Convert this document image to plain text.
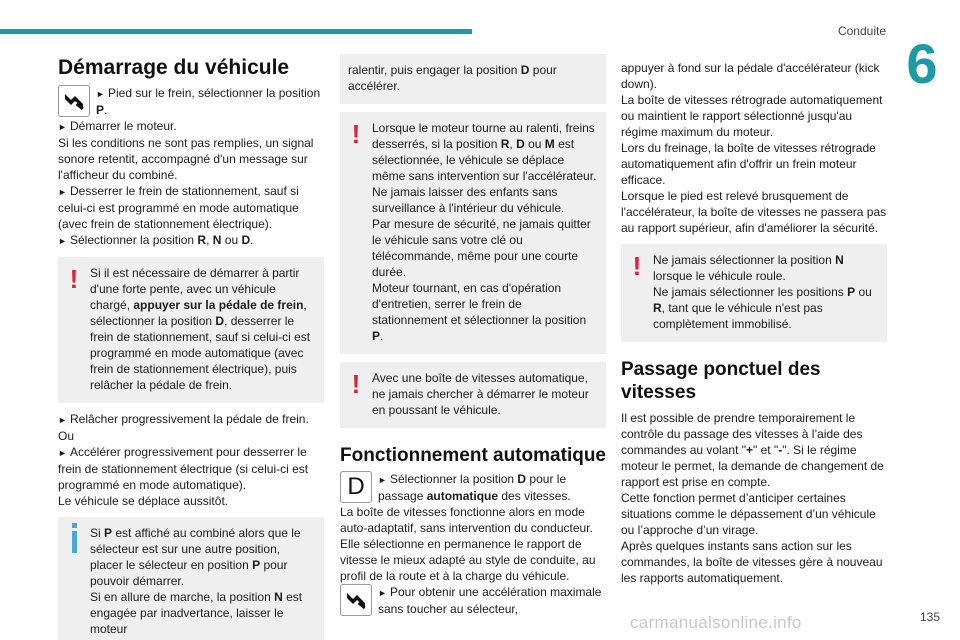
Conduite
6
Démarrage du véhicule
► Pied sur le frein, sélectionner la position P.

► Démarrer le moteur.

Si les conditions ne sont pas remplies, un signal sonore retentit, accompagné d'un message sur l'afficheur du combiné.

► Desserrer le frein de stationnement, sauf si celui-ci est programmé en mode automatique (avec frein de stationnement électrique).

► Sélectionner la position R, N ou D.

! Si il est nécessaire de démarrer à partir d'une forte pente, avec un véhicule chargé, appuyer sur la pédale de frein, sélectionner la position D, desserrer le frein de stationnement, sauf si celui-ci est programmé en mode automatique (avec frein de stationnement électrique), puis relâcher la pédale de frein.

► Relâcher progressivement la pédale de frein.

Ou

► Accélérer progressivement pour desserrer le frein de stationnement électrique (si celui-ci est programmé en mode automatique).

Le véhicule se déplace aussitôt.

Si P est affiché au combiné alors que le sélecteur est sur une autre position, placer le sélecteur en position P pour pouvoir démarrer.
Si en allure de marche, la position N est engagée par inadvertance, laisser le moteur
ralentir, puis engager la position D pour accélérer.
! Lorsque le moteur tourne au ralenti, freins desserrés, si la position R, D ou M est sélectionnée, le véhicule se déplace même sans intervention sur l'accélérateur.
Ne jamais laisser des enfants sans surveillance à l'intérieur du véhicule.
Par mesure de sécurité, ne jamais quitter le véhicule sans votre clé ou télécommande, même pour une courte durée.
Moteur tournant, en cas d'opération d'entretien, serrer le frein de stationnement et sélectionner la position P.
! Avec une boîte de vitesses automatique, ne jamais chercher à démarrer le moteur en poussant le véhicule.
Fonctionnement automatique
D ► Sélectionner la position D pour le passage automatique des vitesses.

La boîte de vitesses fonctionne alors en mode auto-adaptatif, sans intervention du conducteur. Elle sélectionne en permanence le rapport de vitesse le mieux adapté au style de conduite, au profil de la route et à la charge du véhicule.

► Pour obtenir une accélération maximale sans toucher au sélecteur,

appuyer à fond sur la pédale d'accélérateur (kick down).

La boîte de vitesses rétrograde automatiquement ou maintient le rapport sélectionné jusqu'au régime maximum du moteur.

Lors du freinage, la boîte de vitesses rétrograde automatiquement afin d'offrir un frein moteur efficace.

Lorsque le pied est relevé brusquement de l'accélérateur, la boîte de vitesses ne passera pas au rapport supérieur, afin d'améliorer la sécurité.

! Ne jamais sélectionner la position N lorsque le véhicule roule.
Ne jamais sélectionner les positions P ou R, tant que le véhicule n'est pas complètement immobilisé.
Passage ponctuel des vitesses

Il est possible de prendre temporairement le contrôle du passage des vitesses à l’aide des commandes au volant "+" et "-". Si le régime moteur le permet, la demande de changement de rapport est prise en compte.

Cette fonction permet d’anticiper certaines situations comme le dépassement d’un véhicule ou l’approche d’un virage.

Après quelques instants sans action sur les commandes, la boîte de vitesses gère à nouveau les rapports automatiquement.

carmanualsonline.info	135
